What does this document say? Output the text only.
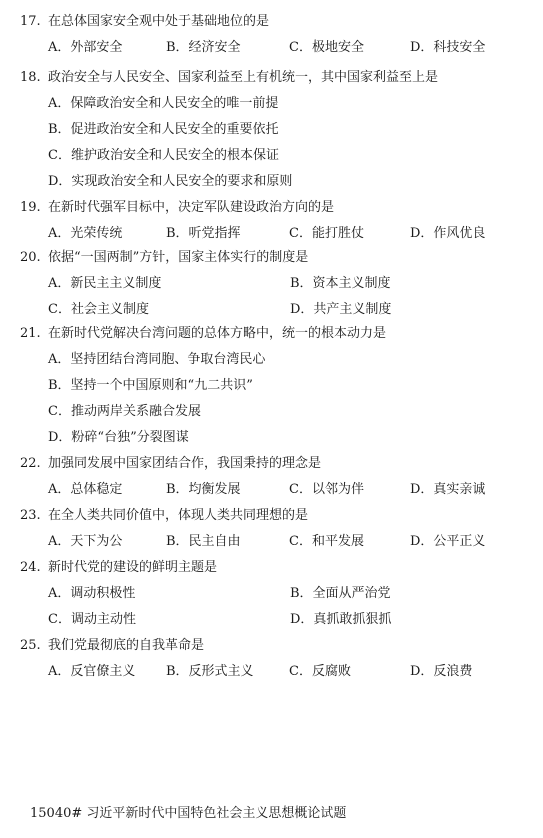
17. 在总体国家安全观中处于基础地位的是
A．外部安全	B．经济安全	C．极地安全	D．科技安全
18. 政治安全与人民安全、国家利益至上有机统一，其中国家利益至上是
A．保障政治安全和人民安全的唯一前提
B．促进政治安全和人民安全的重要依托
C．维护政治安全和人民安全的根本保证
D．实现政治安全和人民安全的要求和原则
19. 在新时代强军目标中，决定军队建设政治方向的是
A．光荣传统	B．听党指挥	C．能打胜仗	D．作风优良
20. 依据“一国两制”方针，国家主体实行的制度是
A．新民主主义制度	B．资本主义制度
C．社会主义制度	D．共产主义制度
21. 在新时代党解决台湾问题的总体方略中，统一的根本动力是
A．坚持团结台湾同胞、争取台湾民心
B．坚持一个中国原则和“九二共识”
C．推动两岸关系融合发展
D．粉碎“台独”分裂图谋
22. 加强同发展中国家团结合作，我国秉持的理念是
A．总体稳定	B．均衡发展	C．以邻为伴	D．真实亲诚
23. 在全人类共同价值中，体现人类共同理想的是
A．天下为公	B．民主自由	C．和平发展	D．公平正义
24. 新时代党的建设的鲜明主题是
A．调动积极性	B．全面从严治党
C．调动主动性	D．真抓敢抓狠抓
25. 我们党最彻底的自我革命是
A．反官僚主义 B．反形式主义	C．反腐败	D．反浪费
15040# 习近平新时代中国特色社会主义思想概论试题
